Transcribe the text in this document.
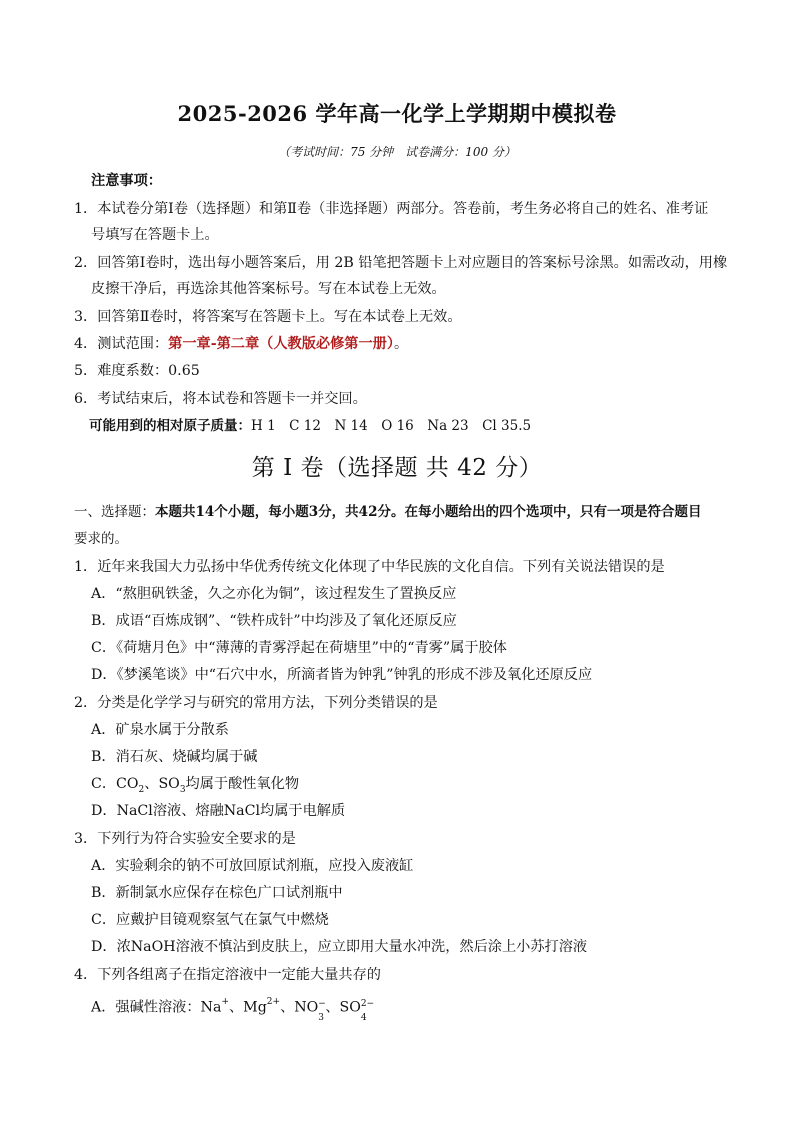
2025-2026 学年高一化学上学期期中模拟卷
（考试时间：75 分钟　试卷满分：100 分）
注意事项：
1．本试卷分第Ⅰ卷（选择题）和第Ⅱ卷（非选择题）两部分。答卷前，考生务必将自己的姓名、准考证
号填写在答题卡上。
2．回答第Ⅰ卷时，选出每小题答案后，用 2B 铅笔把答题卡上对应题目的答案标号涂黑。如需改动，用橡
皮擦干净后，再选涂其他答案标号。写在本试卷上无效。
3．回答第Ⅱ卷时，将答案写在答题卡上。写在本试卷上无效。
4．测试范围：第一章-第二章（人教版必修第一册）。
5．难度系数：0.65
6．考试结束后，将本试卷和答题卡一并交回。
可能用到的相对原子质量：H 1　C 12　N 14　O 16　Na 23　Cl 35.5
第 I 卷（选择题 共 42 分）
一、选择题：本题共14个小题，每小题3分，共42分。在每小题给出的四个选项中，只有一项是符合题目
要求的。
1．近年来我国大力弘扬中华优秀传统文化体现了中华民族的文化自信。下列有关说法错误的是
A．“熬胆矾铁釜，久之亦化为铜”，该过程发生了置换反应
B．成语“百炼成钢”、“铁杵成针”中均涉及了氧化还原反应
C．《荷塘月色》中“薄薄的青雾浮起在荷塘里”中的“青雾”属于胶体
D．《梦溪笔谈》中“石穴中水，所滴者皆为钟乳”钟乳的形成不涉及氧化还原反应
2．分类是化学学习与研究的常用方法，下列分类错误的是
A．矿泉水属于分散系
B．消石灰、烧碱均属于碱
C．$CO_2$、$SO_3$均属于酸性氧化物
D．NaCl溶液、熔融NaCl均属于电解质
3．下列行为符合实验安全要求的是
A．实验剩余的钠不可放回原试剂瓶，应投入废液缸
B．新制氯水应保存在棕色广口试剂瓶中
C．应戴护目镜观察氢气在氯气中燃烧
D．浓NaOH溶液不慎沾到皮肤上，应立即用大量水冲洗，然后涂上小苏打溶液
4．下列各组离子在指定溶液中一定能大量共存的
A．强碱性溶液：Na+、$Mg^{2+}$、NO −
3
、SO 2−
4
